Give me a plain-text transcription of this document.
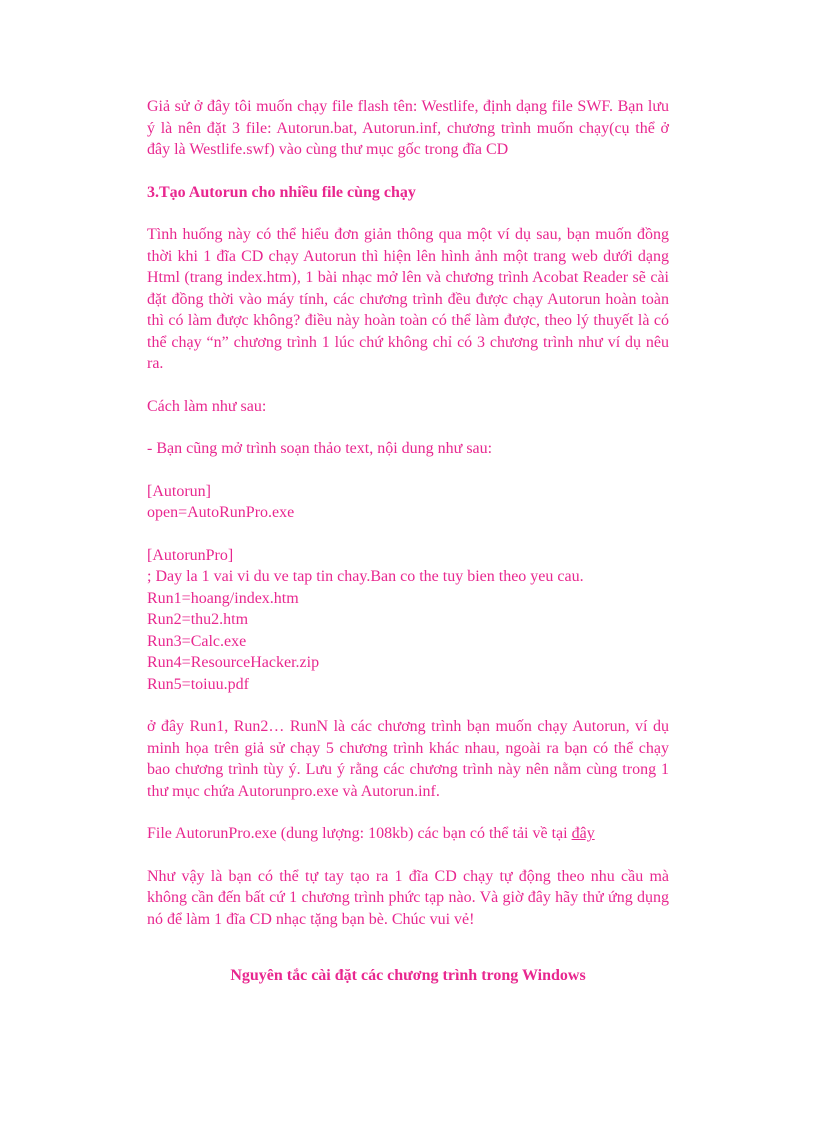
Giả sử ở đây tôi muốn chạy file flash tên: Westlife, định dạng file SWF. Bạn lưu ý là nên đặt 3 file: Autorun.bat, Autorun.inf, chương trình muốn chạy(cụ thể ở đây là Westlife.swf) vào cùng thư mục gốc trong đĩa CD

3.Tạo Autorun cho nhiều file cùng chạy

Tình huống này có thể hiểu đơn giản thông qua một ví dụ sau, bạn muốn đồng thời khi 1 đĩa CD chạy Autorun thì hiện lên hình ảnh một trang web dưới dạng Html (trang index.htm), 1 bài nhạc mở lên và chương trình Acobat Reader sẽ cài đặt đồng thời vào máy tính, các chương trình đều được chạy Autorun hoàn toàn thì có làm được không? điều này hoàn toàn có thể làm được, theo lý thuyết là có thể chạy “n” chương trình 1 lúc chứ không chỉ có 3 chương trình như ví dụ nêu ra.

Cách làm như sau:

- Bạn cũng mở trình soạn thảo text, nội dung như sau:

[Autorun]

open=AutoRunPro.exe

[AutorunPro]

; Day la 1 vai vi du ve tap tin chay.Ban co the tuy bien theo yeu cau.

Run1=hoang/index.htm

Run2=thu2.htm

Run3=Calc.exe

Run4=ResourceHacker.zip

Run5=toiuu.pdf

ở đây Run1, Run2… RunN là các chương trình bạn muốn chạy Autorun, ví dụ minh họa trên giả sử chạy 5 chương trình khác nhau, ngoài ra bạn có thể chạy bao chương trình tùy ý. Lưu ý rằng các chương trình này nên nằm cùng trong 1 thư mục chứa Autorunpro.exe và Autorun.inf.

File AutorunPro.exe (dung lượng: 108kb) các bạn có thể tải về tại đây

Như vậy là bạn có thể tự tay tạo ra 1 đĩa CD chạy tự động theo nhu cầu mà không cần đến bất cứ 1 chương trình phức tạp nào. Và giờ đây hãy thử ứng dụng nó để làm 1 đĩa CD nhạc tặng bạn bè. Chúc vui vẻ!

Nguyên tắc cài đặt các chương trình trong Windows
